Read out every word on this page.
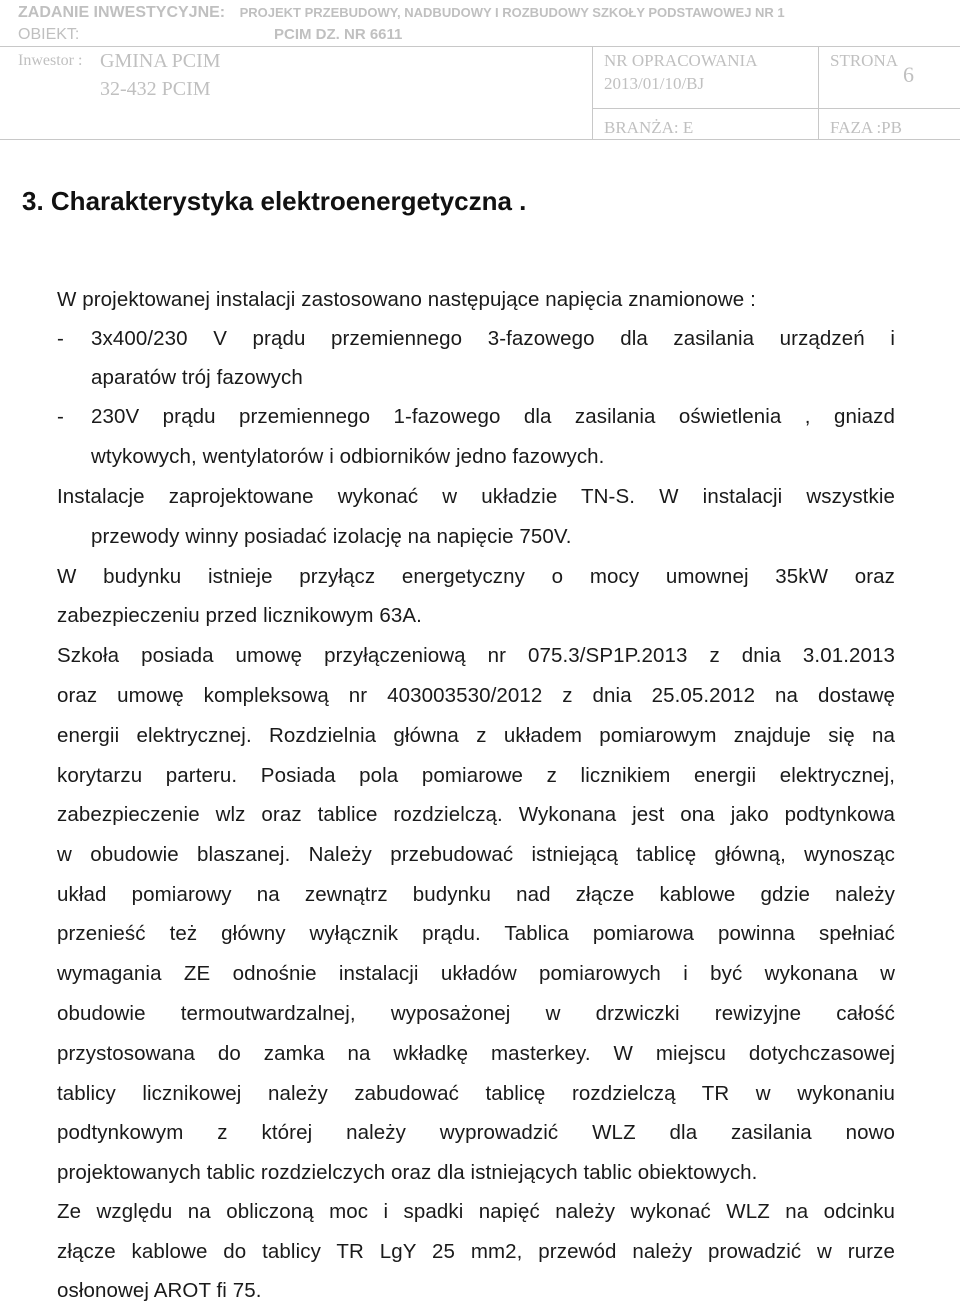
ZADANIE INWESTYCYJNE: PROJEKT PRZEBUDOWY, NADBUDOWY I ROZBUDOWY SZKOŁY PODSTAWOWEJ NR 1
OBIEKT:	PCIM DZ. NR 6611
Inwestor : GMINA PCIM
32-432 PCIM
NR OPRACOWANIA
2013/01/10/BJ
STRONA
6
BRANŻA: E	FAZA :PB
3. Charakterystyka elektroenergetyczna .
W projektowanej instalacji zastosowano następujące napięcia znamionowe :
- 3x400/230 V prądu przemiennego 3-fazowego dla zasilania urządzeń i
aparatów trój fazowych
- 230V prądu przemiennego 1-fazowego dla zasilania oświetlenia , gniazd
wtykowych, wentylatorów i odbiorników jedno fazowych.
Instalacje zaprojektowane wykonać w układzie TN-S. W instalacji wszystkie
przewody winny posiadać izolację na napięcie 750V.
W budynku istnieje przyłącz energetyczny o mocy umownej 35kW oraz
zabezpieczeniu przed licznikowym 63A.
Szkoła posiada umowę przyłączeniową nr 075.3/SP1P.2013 z dnia 3.01.2013
oraz umowę kompleksową nr 403003530/2012 z dnia 25.05.2012 na dostawę
energii elektrycznej. Rozdzielnia główna z układem pomiarowym znajduje się na
korytarzu parteru. Posiada pola pomiarowe z licznikiem energii elektrycznej,
zabezpieczenie wlz oraz tablice rozdzielczą. Wykonana jest ona jako podtynkowa
w obudowie blaszanej. Należy przebudować istniejącą tablicę główną, wynosząc
układ pomiarowy na zewnątrz budynku nad złącze kablowe gdzie należy
przenieść też główny wyłącznik prądu. Tablica pomiarowa powinna spełniać
wymagania ZE odnośnie instalacji układów pomiarowych i być wykonana w
obudowie termoutwardzalnej, wyposażonej w drzwiczki rewizyjne całość
przystosowana do zamka na wkładkę masterkey. W miejscu dotychczasowej
tablicy licznikowej należy zabudować tablicę rozdzielczą TR w wykonaniu
podtynkowym z której należy wyprowadzić WLZ dla zasilania nowo
projektowanych tablic rozdzielczych oraz dla istniejących tablic obiektowych.
Ze względu na obliczoną moc i spadki napięć należy wykonać WLZ na odcinku
złącze kablowe do tablicy TR LgY 25 mm2, przewód należy prowadzić w rurze
osłonowej AROT fi 75.
